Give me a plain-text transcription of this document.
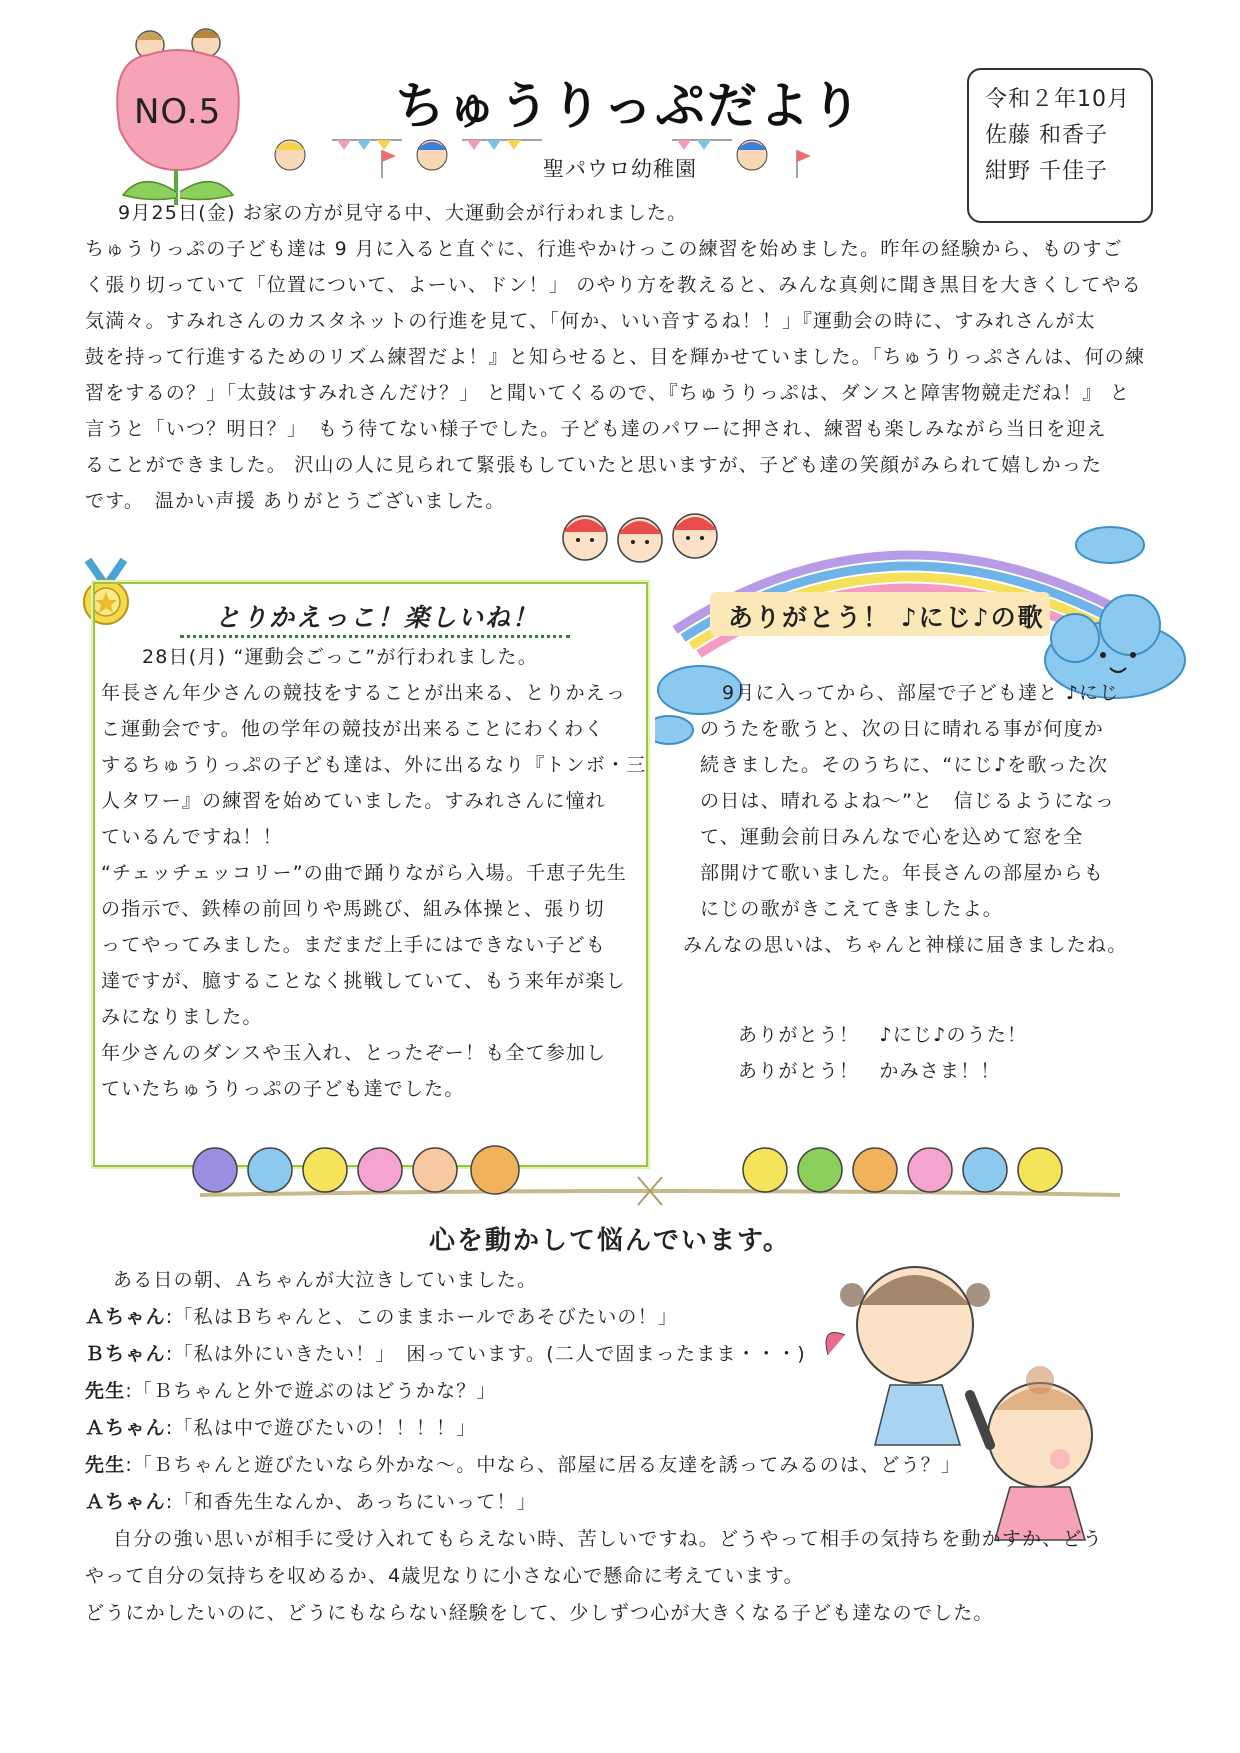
NO.5	ちゅうりっぷだより
聖パウロ幼稚園
令和２年10月
佐藤 和香子
紺野 千佳子
9月25日(金) お家の方が見守る中、大運動会が行われました。
ちゅうりっぷの子ども達は 9 月に入ると直ぐに、行進やかけっこの練習を始めました。昨年の経験から、ものすご
く張り切っていて「位置について、よーい、ドン！」 のやり方を教えると、みんな真剣に聞き黒目を大きくしてやる
気満々。すみれさんのカスタネットの行進を見て、「何か、いい音するね！！」『運動会の時に、すみれさんが太
鼓を持って行進するためのリズム練習だよ！』と知らせると、目を輝かせていました。「ちゅうりっぷさんは、何の練
習をするの？」「太鼓はすみれさんだけ？」 と聞いてくるので、『ちゅうりっぷは、ダンスと障害物競走だね！』 と
言うと「いつ？明日？」　もう待てない様子でした。子ども達のパワーに押され、練習も楽しみながら当日を迎え
ることができました。 沢山の人に見られて緊張もしていたと思いますが、子ども達の笑顔がみられて嬉しかった
です。　温かい声援 ありがとうございました。
とりかえっこ！楽しいね！
28日(月) “運動会ごっこ”が行われました。
年長さん年少さんの競技をすることが出来る、とりかえっ
こ運動会です。他の学年の競技が出来ることにわくわく
するちゅうりっぷの子ども達は、外に出るなり『トンボ・三
人タワー』の練習を始めていました。すみれさんに憧れ
ているんですね！！
“チェッチェッコリー”の曲で踊りながら入場。千恵子先生
の指示で、鉄棒の前回りや馬跳び、組み体操と、張り切
ってやってみました。まだまだ上手にはできない子ども
達ですが、臆することなく挑戦していて、もう来年が楽し
みになりました。
年少さんのダンスや玉入れ、とったぞー！も全て参加し
ていたちゅうりっぷの子ども達でした。
ありがとう！ ♪にじ♪の歌
9月に入ってから、部屋で子ども達と ♪にじ
のうたを歌うと、次の日に晴れる事が何度か
続きました。そのうちに、“にじ♪を歌った次
の日は、晴れるよね～”と　信じるようになっ
て、運動会前日みんなで心を込めて窓を全
部開けて歌いました。年長さんの部屋からも
にじの歌がきこえてきましたよ。
みんなの思いは、ちゃんと神様に届きましたね。
ありがとう！　♪にじ♪のうた！
ありがとう！　かみさま！！
心を動かして悩んでいます。
ある日の朝、Ａちゃんが大泣きしていました。
Ａちゃん:「私はＢちゃんと、このままホールであそびたいの！」
Ｂちゃん:「私は外にいきたい！」　困っています。(二人で固まったまま・・・)
先生:「Ｂちゃんと外で遊ぶのはどうかな？」
Ａちゃん:「私は中で遊びたいの！！！！」
先生:「Ｂちゃんと遊びたいなら外かな～。中なら、部屋に居る友達を誘ってみるのは、どう？」
Ａちゃん:「和香先生なんか、あっちにいって！」
自分の強い思いが相手に受け入れてもらえない時、苦しいですね。どうやって相手の気持ちを動かすか、どう
やって自分の気持ちを収めるか、4歳児なりに小さな心で懸命に考えています。
どうにかしたいのに、どうにもならない経験をして、少しずつ心が大きくなる子ども達なのでした。
